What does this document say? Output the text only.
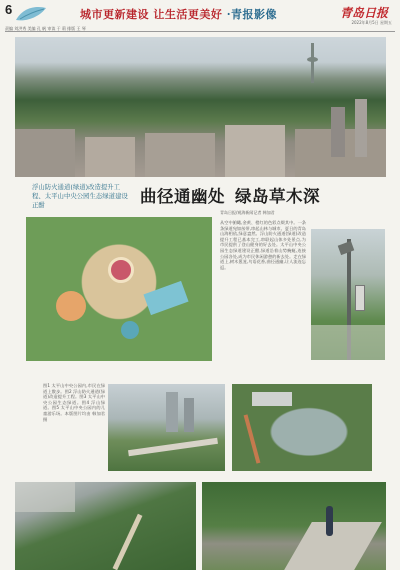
6	城市更新建设 让生活更美好 ·青报影像	青岛日报
2022年8月5日 星期五
责编 刘洪秀 美编 孔 帆 审读 于 莉 排版 王 琴
浮山防火通道(绿道)改造提升工程、太平山中央公园生态绿道建设正酣	曲径通幽处 绿岛草木深
青岛日报/观海新闻记者 韩加君
从空中俯瞰,金黄、橙红的色彩点缀其中。一条条绿道宛如丝带,串起山林与城市。夏日的青岛山海相依,绿意盎然。浮山防火通道(绿道)改造提升工程已基本完工,串联起山体多处景点,为市民提供了登山健身的好去处。太平山中央公园生态绿道建设正酣,绿道沿着山势蜿蜒,连接公园各处,成为市民休闲游憩的新去处。走在绿道上,树木葱茏,鸟语花香,曲径通幽,让人流连忘返。
图1 太平山中央公园内,市民在绿道上散步。图2 浮山防火通道(绿道)改造提升工程。图3 太平山中央公园生态绿道。图4 浮山绿道。图5 太平山中央公园内的儿童游乐场。本版图片均由 韩加君 摄
